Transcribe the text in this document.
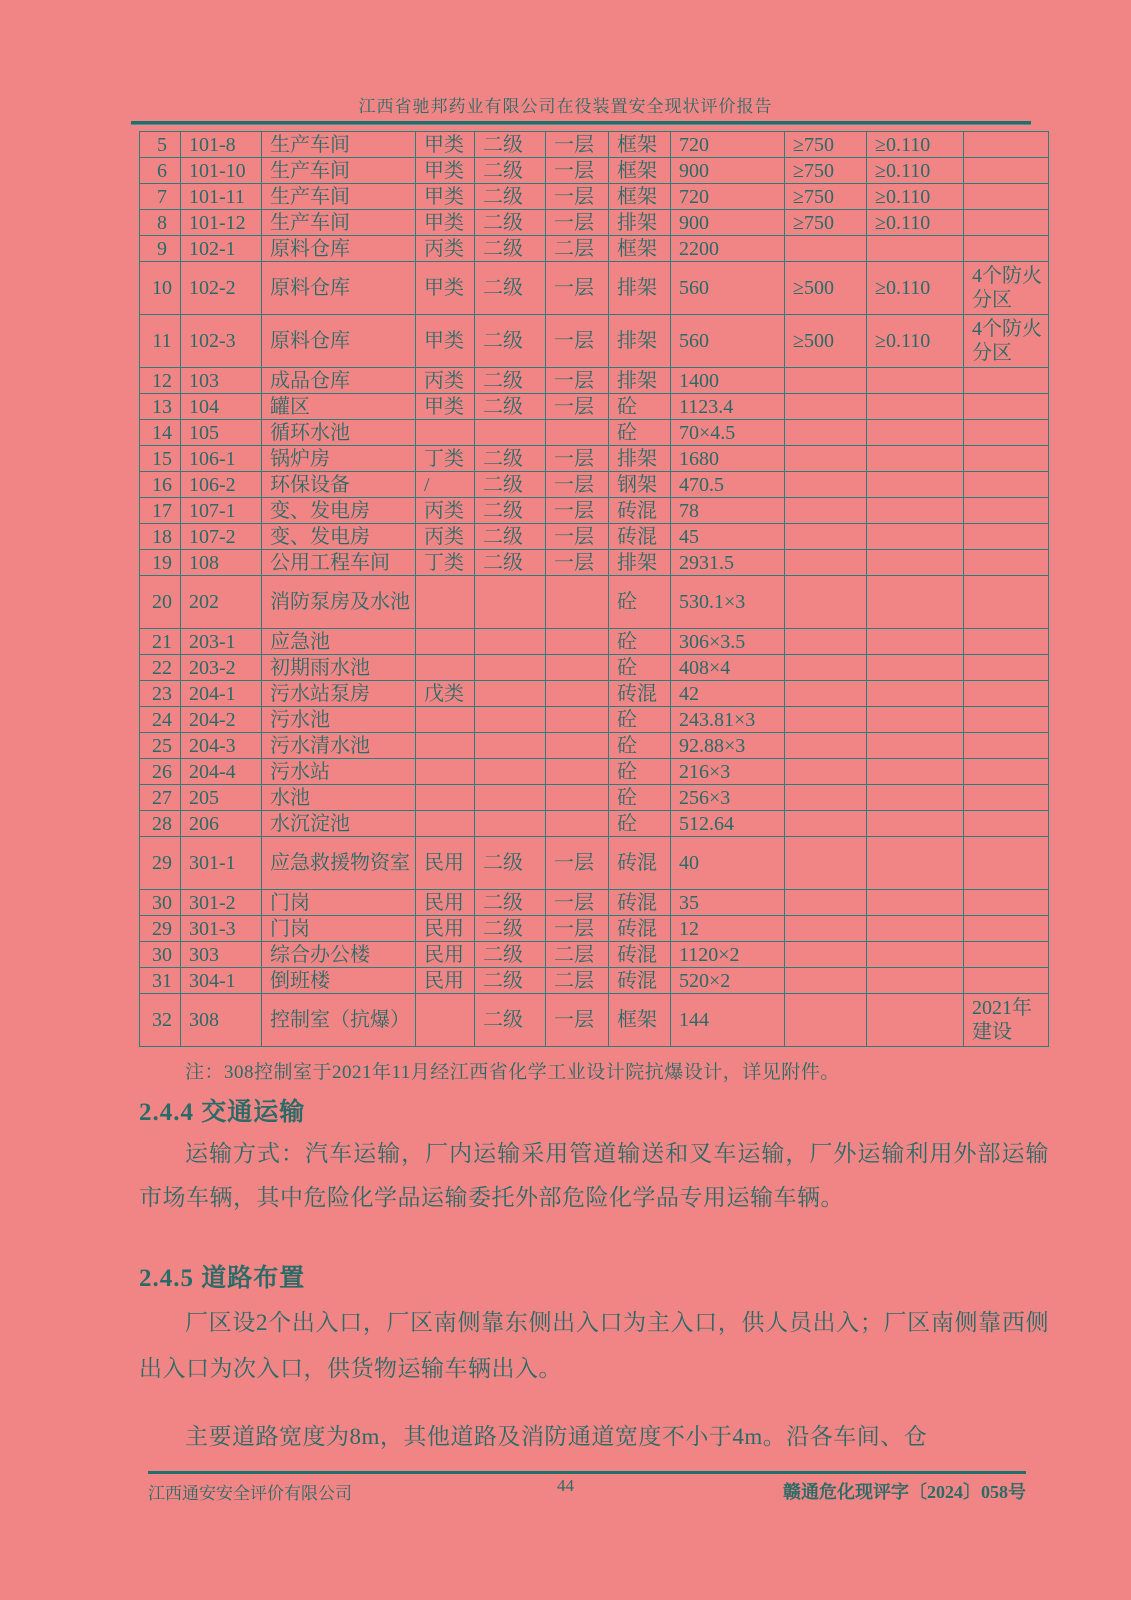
江西省驰邦药业有限公司在役装置安全现状评价报告
5	101-8	生产车间	甲类	二级	一层	框架	720	≥750	≥0.110	
6	101-10	生产车间	甲类	二级	一层	框架	900	≥750	≥0.110	
7	101-11	生产车间	甲类	二级	一层	框架	720	≥750	≥0.110	
8	101-12	生产车间	甲类	二级	一层	排架	900	≥750	≥0.110	
9	102-1	原料仓库	丙类	二级	二层	框架	2200			
10	102-2	原料仓库	甲类	二级	一层	排架	560	≥500	≥0.110	4个防火分区
11	102-3	原料仓库	甲类	二级	一层	排架	560	≥500	≥0.110	4个防火分区
12	103	成品仓库	丙类	二级	一层	排架	1400			
13	104	罐区	甲类	二级	一层	砼	1123.4			
14	105	循环水池				砼	70×4.5			
15	106-1	锅炉房	丁类	二级	一层	排架	1680			
16	106-2	环保设备	/	二级	一层	钢架	470.5			
17	107-1	变、发电房	丙类	二级	一层	砖混	78			
18	107-2	变、发电房	丙类	二级	一层	砖混	45			
19	108	公用工程车间	丁类	二级	一层	排架	2931.5			
20	202	消防泵房及水池				砼	530.1×3			
21	203-1	应急池				砼	306×3.5			
22	203-2	初期雨水池				砼	408×4			
23	204-1	污水站泵房	戊类			砖混	42			
24	204-2	污水池				砼	243.81×3			
25	204-3	污水清水池				砼	92.88×3			
26	204-4	污水站				砼	216×3			
27	205	水池				砼	256×3			
28	206	水沉淀池				砼	512.64			
29	301-1	应急救援物资室	民用	二级	一层	砖混	40			
30	301-2	门岗	民用	二级	一层	砖混	35			
29	301-3	门岗	民用	二级	一层	砖混	12			
30	303	综合办公楼	民用	二级	二层	砖混	1120×2			
31	304-1	倒班楼	民用	二级	二层	砖混	520×2			
32	308	控制室（抗爆）		二级	一层	框架	144			2021年建设
注：308控制室于2021年11月经江西省化学工业设计院抗爆设计，详见附件。
2.4.4 交通运输

运输方式：汽车运输，厂内运输采用管道输送和叉车运输，厂外运输利用外部运输市场车辆，其中危险化学品运输委托外部危险化学品专用运输车辆。

2.4.5 道路布置

厂区设2个出入口，厂区南侧靠东侧出入口为主入口，供人员出入；厂区南侧靠西侧出入口为次入口，供货物运输车辆出入。

主要道路宽度为8m，其他道路及消防通道宽度不小于4m。沿各车间、仓

江西通安安全评价有限公司	44	赣通危化现评字〔2024〕058号
